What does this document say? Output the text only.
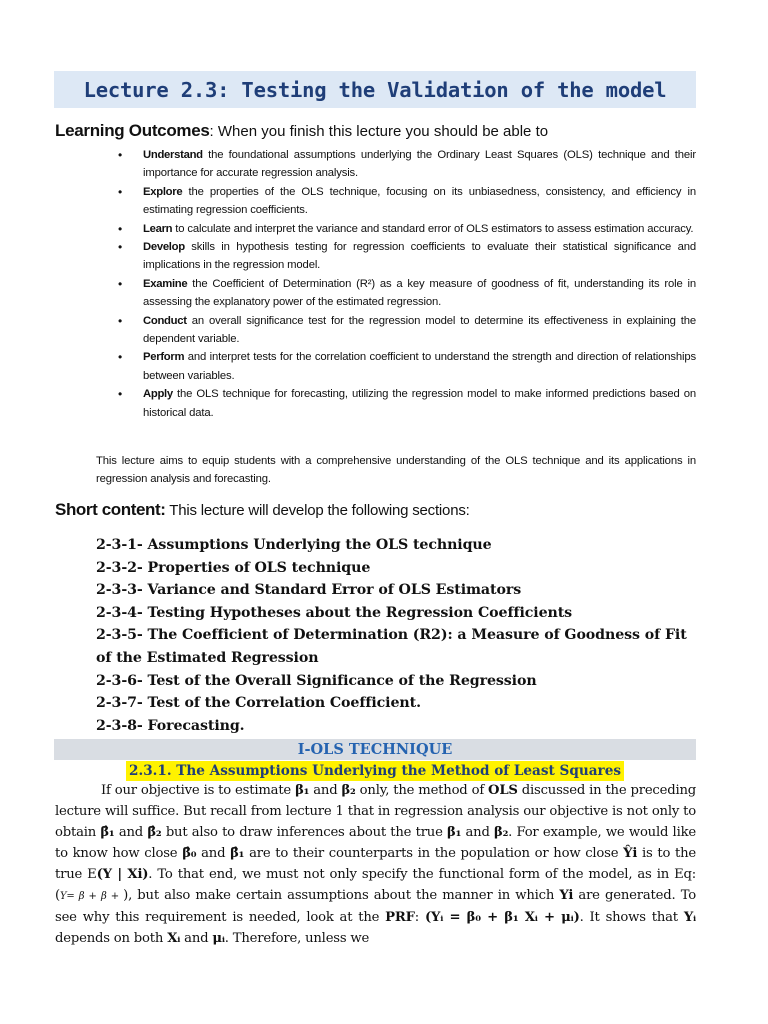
Lecture 2.3: Testing the Validation of the model
Learning Outcomes: When you finish this lecture you should be able to
• Understand the foundational assumptions underlying the Ordinary Least Squares (OLS) technique and their importance for accurate regression analysis.
• Explore the properties of the OLS technique, focusing on its unbiasedness, consistency, and efficiency in estimating regression coefficients.
• Learn to calculate and interpret the variance and standard error of OLS estimators to assess estimation accuracy.
• Develop skills in hypothesis testing for regression coefficients to evaluate their statistical significance and implications in the regression model.
• Examine the Coefficient of Determination (R²) as a key measure of goodness of fit, understanding its role in assessing the explanatory power of the estimated regression.
• Conduct an overall significance test for the regression model to determine its effectiveness in explaining the dependent variable.
• Perform and interpret tests for the correlation coefficient to understand the strength and direction of relationships between variables.
• Apply the OLS technique for forecasting, utilizing the regression model to make informed predictions based on historical data.

This lecture aims to equip students with a comprehensive understanding of the OLS technique and its applications in regression analysis and forecasting.

Short content: This lecture will develop the following sections:
2-3-1- Assumptions Underlying the OLS technique
2-3-2- Properties of OLS technique
2-3-3- Variance and Standard Error of OLS Estimators
2-3-4- Testing Hypotheses about the Regression Coefficients
2-3-5- The Coefficient of Determination (R2): a Measure of Goodness of Fit of the Estimated Regression
2-3-6- Test of the Overall Significance of the Regression
2-3-7- Test of the Correlation Coefficient.
2-3-8- Forecasting.
I-OLS TECHNIQUE
2.3.1. The Assumptions Underlying the Method of Least Squares

If our objective is to estimate β₁ and β₂ only, the method of OLS discussed in the preceding lecture will suffice. But recall from lecture 1 that in regression analysis our objective is not only to obtain β̂₁ and β̂₂ but also to draw inferences about the true β₁ and β₂. For example, we would like to know how close β̂₀ and β̂₁ are to their counterparts in the population or how close Ŷi is to the true E(Y | Xi). To that end, we must not only specify the functional form of the model, as in Eq: (Y= β + β + ), but also make certain assumptions about the manner in which Yi are generated. To see why this requirement is needed, look at the PRF: (Yᵢ = β₀ + β₁ Xᵢ + μᵢ). It shows that Yᵢ depends on both Xᵢ and μᵢ. Therefore, unless we
